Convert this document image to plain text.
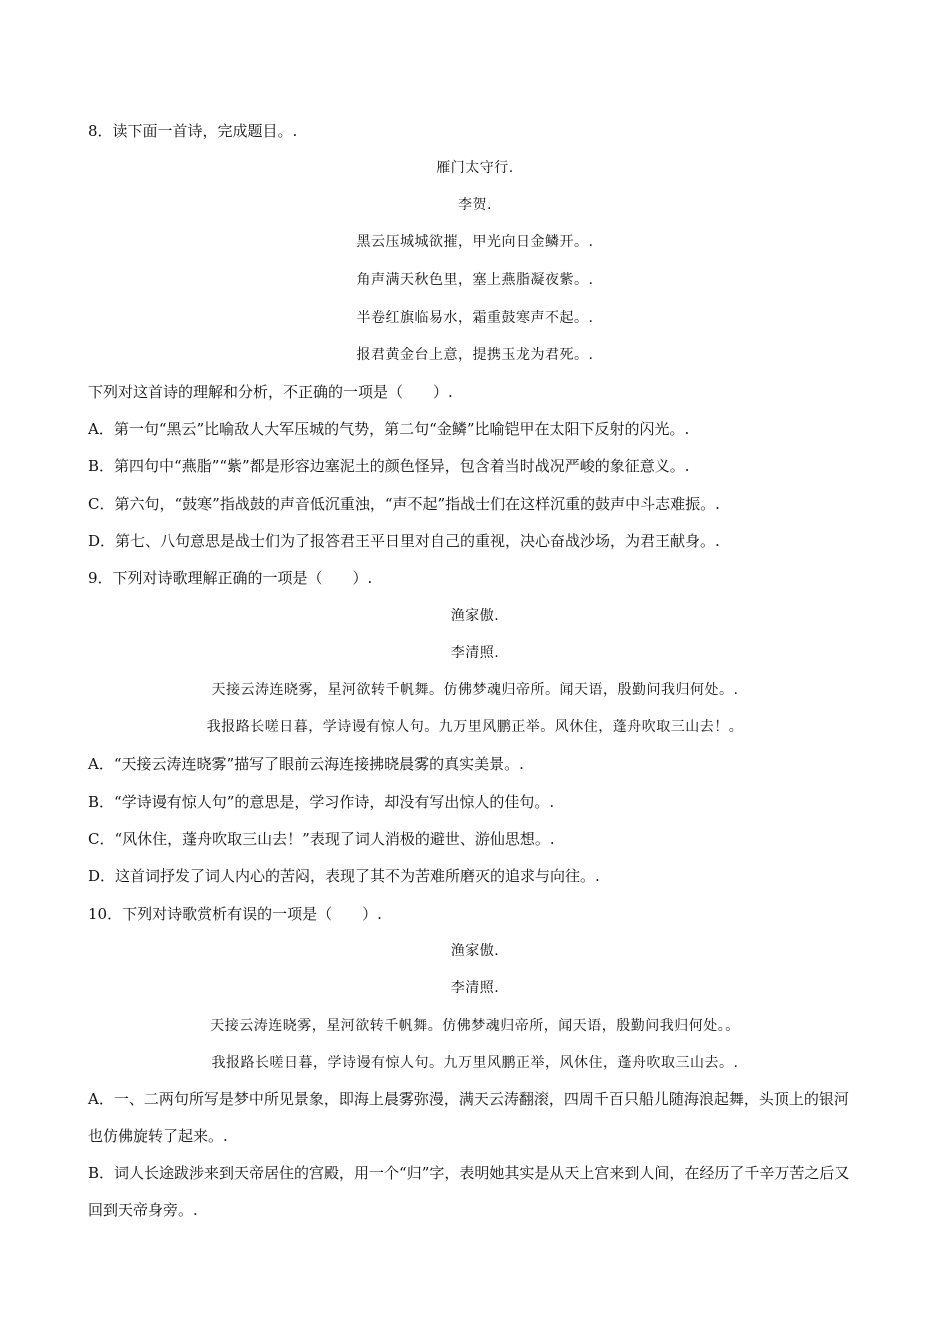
8．读下面一首诗，完成题目。.
雁门太守行.
李贺.
黑云压城城欲摧，甲光向日金鳞开。.
角声满天秋色里，塞上燕脂凝夜紫。.
半卷红旗临易水，霜重鼓寒声不起。.
报君黄金台上意，提携玉龙为君死。.
下列对这首诗的理解和分析，不正确的一项是（　　）.
A．第一句“黑云”比喻敌人大军压城的气势，第二句“金鳞”比喻铠甲在太阳下反射的闪光。.
B．第四句中“燕脂”“紫”都是形容边塞泥土的颜色怪异，包含着当时战况严峻的象征意义。.
C．第六句，“鼓寒”指战鼓的声音低沉重浊，“声不起”指战士们在这样沉重的鼓声中斗志难振。.
D．第七、八句意思是战士们为了报答君王平日里对自己的重视，决心奋战沙场，为君王献身。.
9．下列对诗歌理解正确的一项是（　　）.
渔家傲.
李清照.
天接云涛连晓雾，星河欲转千帆舞。仿佛梦魂归帝所。闻天语，殷勤问我归何处。.
我报路长嗟日暮，学诗谩有惊人句。九万里风鹏正举。风休住，蓬舟吹取三山去！。
A．“天接云涛连晓雾”描写了眼前云海连接拂晓晨雾的真实美景。.
B．“学诗谩有惊人句”的意思是，学习作诗，却没有写出惊人的佳句。.
C．“风休住，蓬舟吹取三山去！”表现了词人消极的避世、游仙思想。.
D．这首词抒发了词人内心的苦闷，表现了其不为苦难所磨灭的追求与向往。.
10．下列对诗歌赏析有误的一项是（　　）.
渔家傲.
李清照.
天接云涛连晓雾，星河欲转千帆舞。仿佛梦魂归帝所，闻天语，殷勤问我归何处。。
我报路长嗟日暮，学诗谩有惊人句。九万里风鹏正举，风休住，蓬舟吹取三山去。.
A．一、二两句所写是梦中所见景象，即海上晨雾弥漫，满天云涛翻滚，四周千百只船儿随海浪起舞，头顶上的银河也仿佛旋转了起来。.
B．词人长途跋涉来到天帝居住的宫殿，用一个“归”字，表明她其实是从天上宫来到人间，在经历了千辛万苦之后又回到天帝身旁。.
